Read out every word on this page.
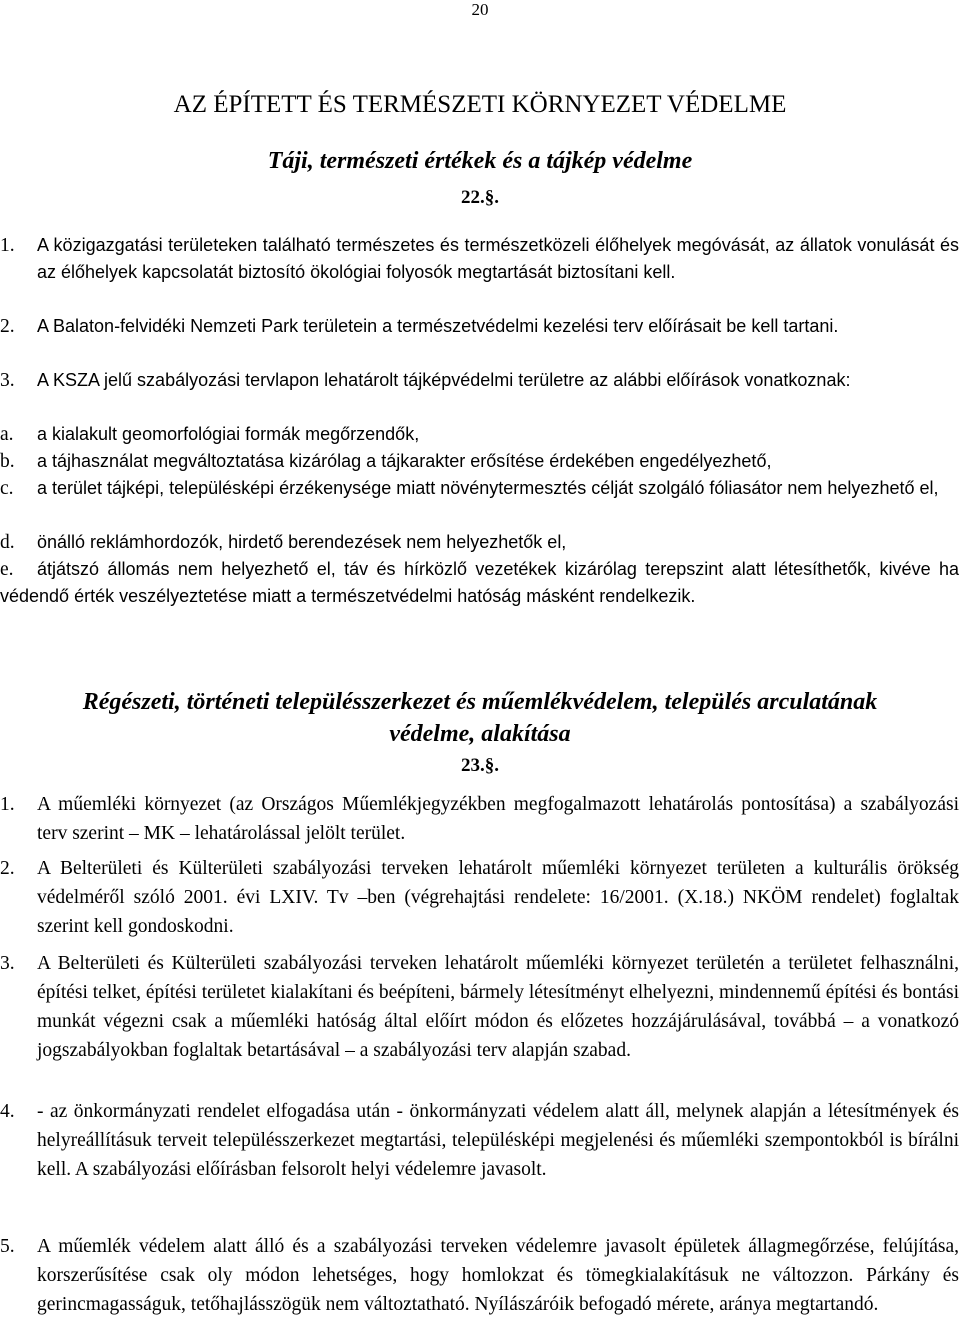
20
AZ ÉPÍTETT ÉS TERMÉSZETI KÖRNYEZET VÉDELME
Táji, természeti értékek és a tájkép védelme
22.§.
1. A közigazgatási területeken található természetes és természetközeli élőhelyek megóvását, az állatok vonulását és az élőhelyek kapcsolatát biztosító ökológiai folyosók megtartását biztosítani kell.
2. A Balaton-felvidéki Nemzeti Park területein a természetvédelmi kezelési terv előírásait be kell tartani.
3. A KSZA jelű szabályozási tervlapon lehatárolt tájképvédelmi területre az alábbi előírások vonatkoznak:
a. a kialakult geomorfológiai formák megőrzendők,
b. a tájhasználat megváltoztatása kizárólag a tájkarakter erősítése érdekében engedélyezhető,
c. a terület tájképi, településképi érzékenysége miatt növénytermesztés célját szolgáló fóliasátor nem helyezhető el,
d. önálló reklámhordozók, hirdető berendezések nem helyezhetők el,
e. átjátszó állomás nem helyezhető el, táv és hírközlő vezetékek kizárólag terepszint alatt létesíthetők, kivéve ha védendő érték veszélyeztetése miatt a természetvédelmi hatóság másként rendelkezik.
Régészeti, történeti településszerkezet és műemlékvédelem, település arculatának
védelme, alakítása
23.§.
1. A műemléki környezet (az Országos Műemlékjegyzékben megfogalmazott lehatárolás pontosítása) a szabályozási terv szerint – MK – lehatárolással jelölt terület.
2. A Belterületi és Külterületi szabályozási terveken lehatárolt műemléki környezet területen a kulturális örökség védelméről szóló 2001. évi LXIV. Tv –ben (végrehajtási rendelete: 16/2001. (X.18.) NKÖM rendelet) foglaltak szerint kell gondoskodni.
3. A Belterületi és Külterületi szabályozási terveken lehatárolt műemléki környezet területén a területet felhasználni, építési telket, építési területet kialakítani és beépíteni, bármely létesítményt elhelyezni, mindennemű építési és bontási munkát végezni csak a műemléki hatóság által előírt módon és előzetes hozzájárulásával, továbbá – a vonatkozó jogszabályokban foglaltak betartásával – a szabályozási terv alapján szabad.
4. - az önkormányzati rendelet elfogadása után - önkormányzati védelem alatt áll, melynek alapján a létesítmények és helyreállításuk terveit településszerkezet megtartási, településképi megjelenési és műemléki szempontokból is bírálni kell. A szabályozási előírásban felsorolt helyi védelemre javasolt.
5. A műemlék védelem alatt álló és a szabályozási terveken védelemre javasolt épületek állagmegőrzése, felújítása, korszerűsítése csak oly módon lehetséges, hogy homlokzat és tömegkialakításuk ne változzon. Párkány és gerincmagasságuk, tetőhajlásszögük nem változtatható. Nyílászáróik befogadó mérete, aránya megtartandó.
